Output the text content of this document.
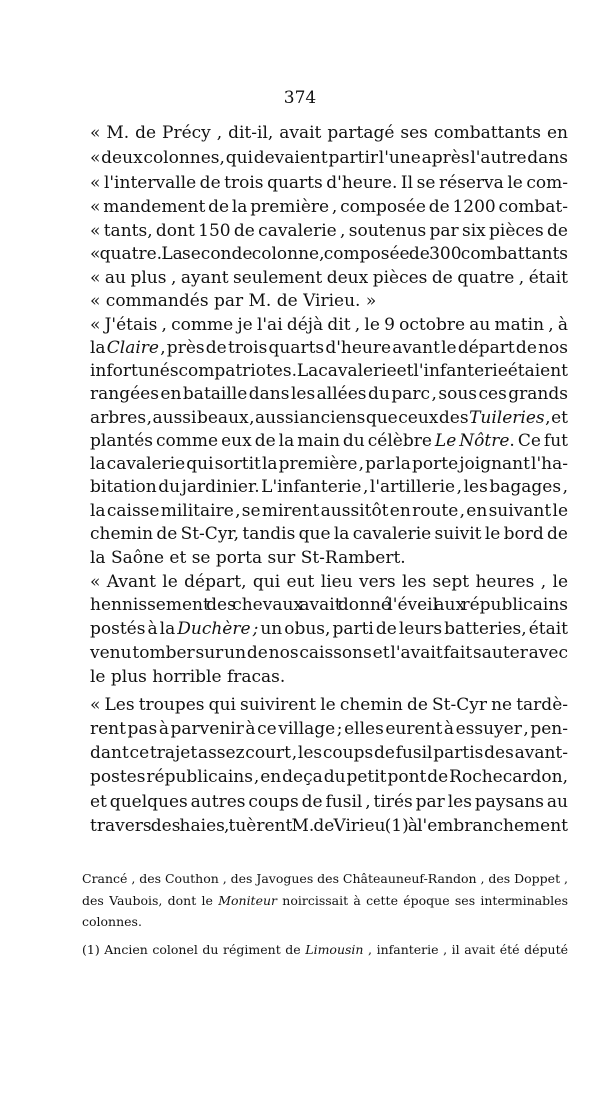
374
« M. de Précy , dit-il, avait partagé ses combattants en
« deux colonnes, qui devaient partir l'une après l'autre dans
« l'intervalle de trois quarts d'heure. Il se réserva le com-
« mandement de la première , composée de 1200 combat-
« tants, dont 150 de cavalerie , soutenus par six pièces de
« quatre. La seconde colonne, composée de 300 combattants
« au plus , ayant seulement deux pièces de quatre , était
« commandés par M. de Virieu. »
« J'étais , comme je l'ai déjà dit , le 9 octobre au matin , à
la Claire , près de trois quarts d'heure avant le départ de nos
infortunés compatriotes. La cavalerie et l'infanterie étaient
rangées en bataille dans les allées du parc , sous ces grands
arbres , aussi beaux , aussi anciens que ceux des Tuileries , et
plantés comme eux de la main du célèbre Le Nôtre. Ce fut
la cavalerie qui sortit la première , par la porte joignant l'ha-
bitation du jardinier. L'infanterie , l'artillerie , les bagages ,
la caisse militaire , se mirent aussitôt en route , en suivant le
chemin de St-Cyr, tandis que la cavalerie suivit le bord de
la Saône et se porta sur St-Rambert.
« Avant le départ, qui eut lieu vers les sept heures , le
hennissement des chevaux avait donné l'éveil aux républicains
postés à la Duchère ; un obus, parti de leurs batteries, était
venu tomber sur un de nos caissons et l'avait fait sauter avec
le plus horrible fracas.
« Les troupes qui suivirent le chemin de St-Cyr ne tardè-
rent pas à parvenir à ce village ; elles eurent à essuyer , pen-
dant ce trajet assez court , les coups de fusil partis des avant-
postes républicains , en deça du petit pont de Rochecardon,
et quelques autres coups de fusil , tirés par les paysans au
travers des haies , tuèrent M. de Virieu (1) à l'embranchement
Crancé , des Couthon , des Javogues des Châteauneuf-Randon , des Doppet ,
des Vaubois, dont le Moniteur noircissait à cette époque ses interminables
colonnes.
(1) Ancien colonel du régiment de Limousin , infanterie , il avait été député
